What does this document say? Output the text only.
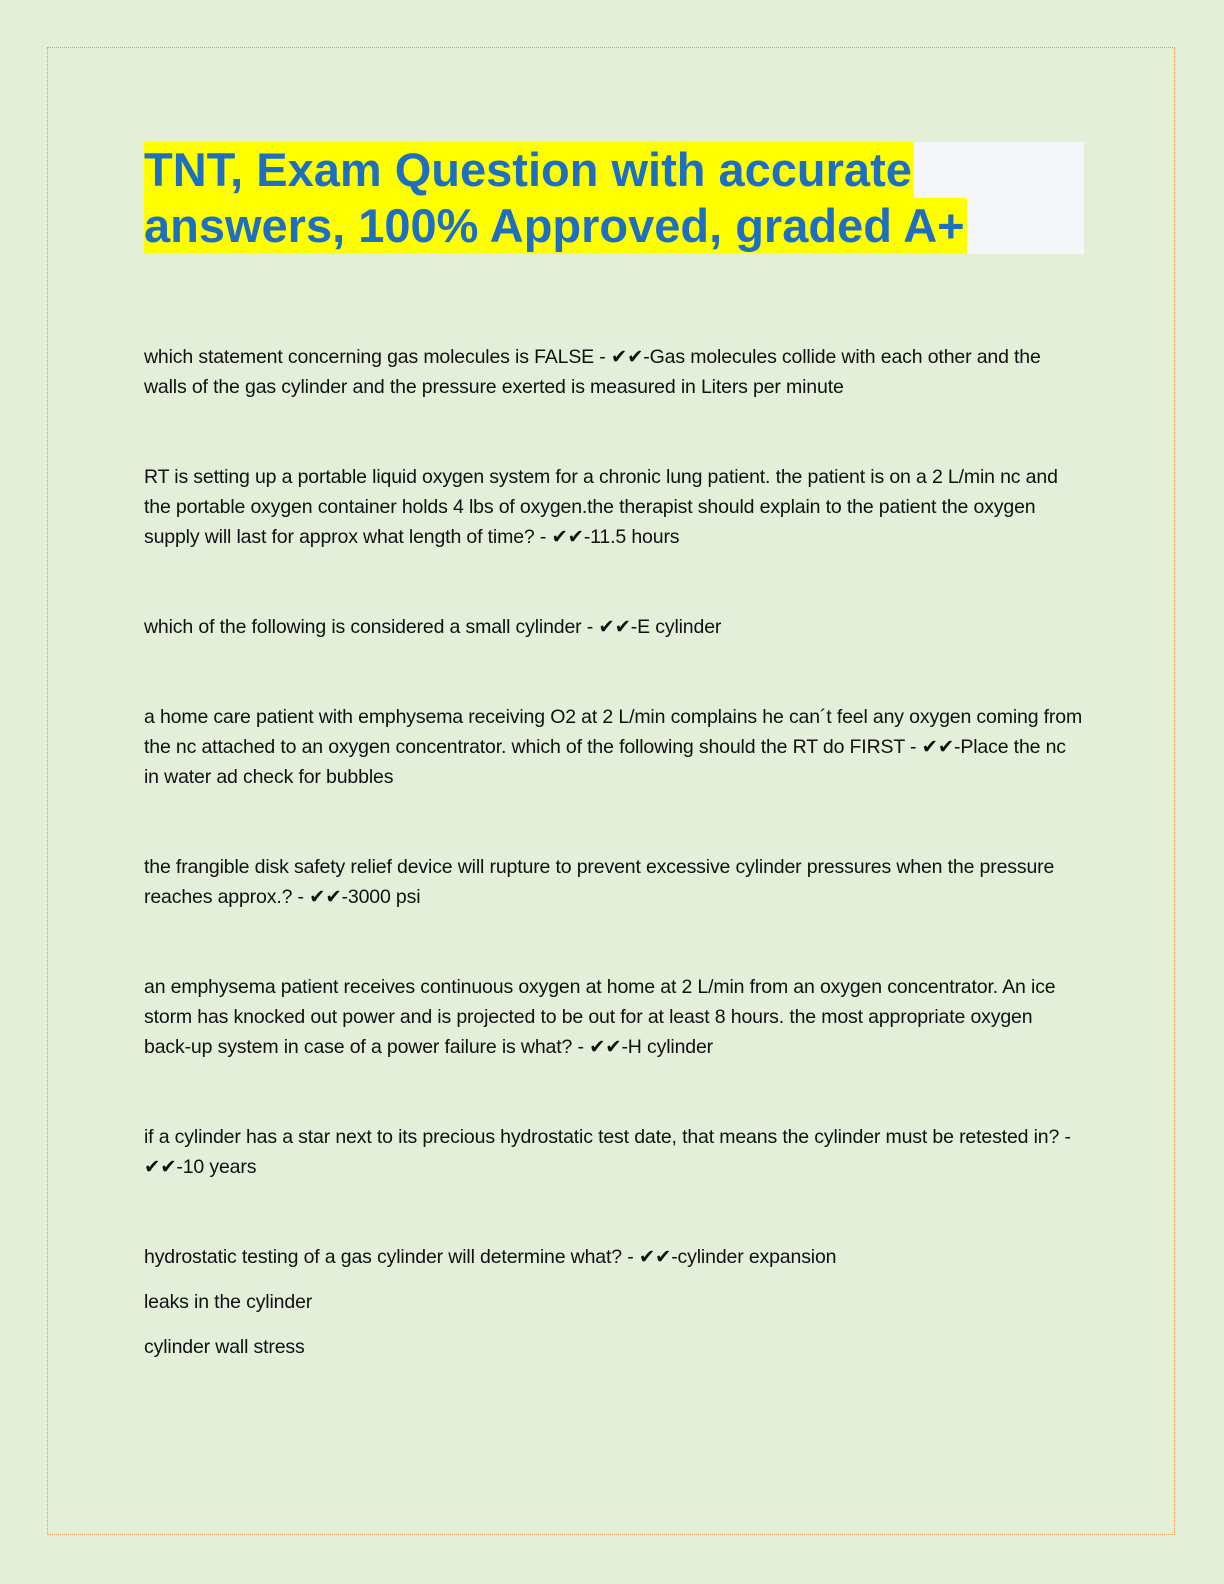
TNT, Exam Question with accurate
answers, 100% Approved, graded A+

which statement concerning gas molecules is FALSE - ✔✔-Gas molecules collide with each other and the walls of the gas cylinder and the pressure exerted is measured in Liters per minute

RT is setting up a portable liquid oxygen system for a chronic lung patient. the patient is on a 2 L/min nc and the portable oxygen container holds 4 lbs of oxygen.the therapist should explain to the patient the oxygen supply will last for approx what length of time? - ✔✔-11.5 hours

which of the following is considered a small cylinder - ✔✔-E cylinder

a home care patient with emphysema receiving O2 at 2 L/min complains he can´t feel any oxygen coming from the nc attached to an oxygen concentrator. which of the following should the RT do FIRST - ✔✔-Place the nc in water ad check for bubbles

the frangible disk safety relief device will rupture to prevent excessive cylinder pressures when the pressure reaches approx.? - ✔✔-3000 psi

an emphysema patient receives continuous oxygen at home at 2 L/min from an oxygen concentrator. An ice storm has knocked out power and is projected to be out for at least 8 hours. the most appropriate oxygen back-up system in case of a power failure is what? - ✔✔-H cylinder

if a cylinder has a star next to its precious hydrostatic test date, that means the cylinder must be retested in? - ✔✔-10 years

hydrostatic testing of a gas cylinder will determine what? - ✔✔-cylinder expansion

leaks in the cylinder

cylinder wall stress
